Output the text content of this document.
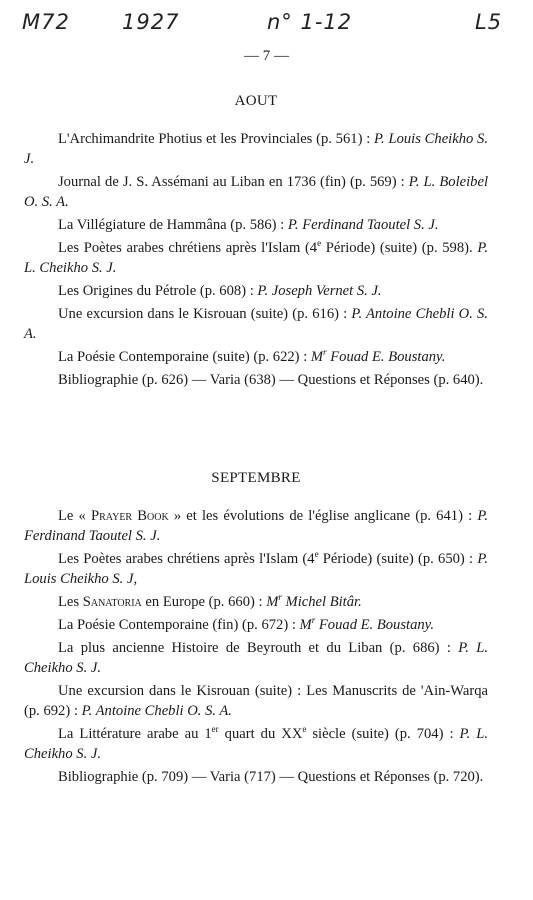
M72 1927	n° 1-12	L5
— 7 —
AOUT
L'Archimandrite Photius et les Provinciales (p. 561) : P. Louis Cheikho S. J.
Journal de J. S. Assémani au Liban en 1736 (fin) (p. 569) : P. L. Boleibel O. S. A.
La Villégiature de Hammâna (p. 586) : P. Ferdinand Taoutel S. J.
Les Poètes arabes chrétiens après l'Islam (4e Période) (suite) (p. 598). P. L. Cheikho S. J.
Les Origines du Pétrole (p. 608) : P. Joseph Vernet S. J.
Une excursion dans le Kisrouan (suite) (p. 616) : P. Antoine Chebli O. S. A.
La Poésie Contemporaine (suite) (p. 622) : $M^r$ Fouad E. Boustany.
Bibliographie (p. 626) — Varia (638) — Questions et Réponses (p. 640).
SEPTEMBRE
Le « Prayer Book » et les évolutions de l'église anglicane (p. 641) : P. Ferdinand Taoutel S. J.
Les Poètes arabes chrétiens après l'Islam (4e Période) (suite) (p. 650) : P. Louis Cheikho S. J,
Les Sanatoria en Europe (p. 660) : $M^r$ Michel Bitâr.
La Poésie Contemporaine (fin) (p. 672) : $M^r$ Fouad E. Boustany.
La plus ancienne Histoire de Beyrouth et du Liban (p. 686) : P. L. Cheikho S. J.
Une excursion dans le Kisrouan (suite) : Les Manuscrits de 'Ain-Warqa (p. 692) : P. Antoine Chebli O. S. A.
La Littérature arabe au 1er quart du XXe siècle (suite) (p. 704) : P. L. Cheikho S. J.
Bibliographie (p. 709) — Varia (717) — Questions et Réponses (p. 720).
